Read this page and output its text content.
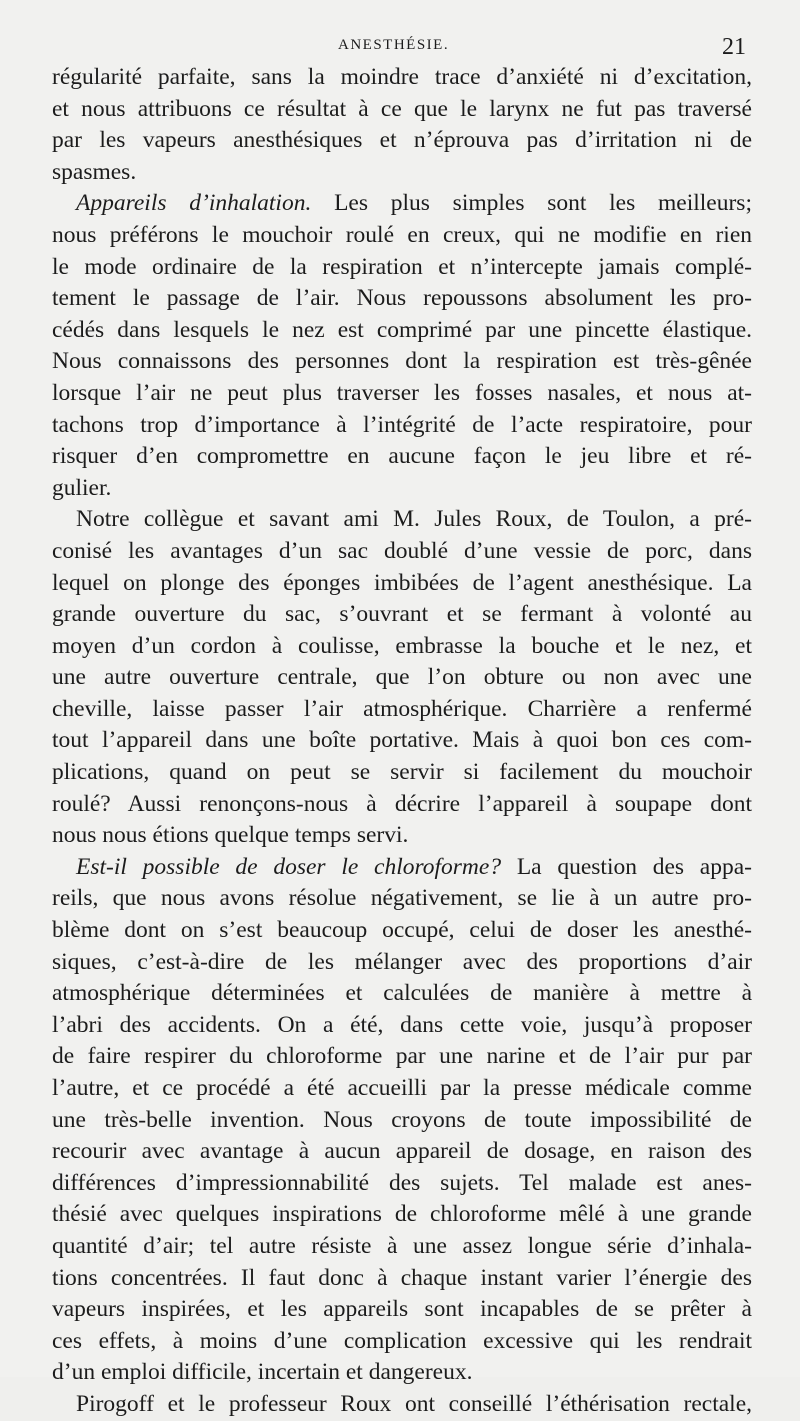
ANESTHÉSIE.	21
régularité parfaite, sans la moindre trace d’anxiété ni d’excitation,
et nous attribuons ce résultat à ce que le larynx ne fut pas traversé
par les vapeurs anesthésiques et n’éprouva pas d’irritation ni de
spasmes.
Appareils d’inhalation. Les plus simples sont les meilleurs;
nous préférons le mouchoir roulé en creux, qui ne modifie en rien
le mode ordinaire de la respiration et n’intercepte jamais complé-
tement le passage de l’air. Nous repoussons absolument les pro-
cédés dans lesquels le nez est comprimé par une pincette élastique.
Nous connaissons des personnes dont la respiration est très-gênée
lorsque l’air ne peut plus traverser les fosses nasales, et nous at-
tachons trop d’importance à l’intégrité de l’acte respiratoire, pour
risquer d’en compromettre en aucune façon le jeu libre et ré-
gulier.
Notre collègue et savant ami M. Jules Roux, de Toulon, a pré-
conisé les avantages d’un sac doublé d’une vessie de porc, dans
lequel on plonge des éponges imbibées de l’agent anesthésique. La
grande ouverture du sac, s’ouvrant et se fermant à volonté au
moyen d’un cordon à coulisse, embrasse la bouche et le nez, et
une autre ouverture centrale, que l’on obture ou non avec une
cheville, laisse passer l’air atmosphérique. Charrière a renfermé
tout l’appareil dans une boîte portative. Mais à quoi bon ces com-
plications, quand on peut se servir si facilement du mouchoir
roulé? Aussi renonçons-nous à décrire l’appareil à soupape dont
nous nous étions quelque temps servi.
Est-il possible de doser le chloroforme? La question des appa-
reils, que nous avons résolue négativement, se lie à un autre pro-
blème dont on s’est beaucoup occupé, celui de doser les anesthé-
siques, c’est-à-dire de les mélanger avec des proportions d’air
atmosphérique déterminées et calculées de manière à mettre à
l’abri des accidents. On a été, dans cette voie, jusqu’à proposer
de faire respirer du chloroforme par une narine et de l’air pur par
l’autre, et ce procédé a été accueilli par la presse médicale comme
une très-belle invention. Nous croyons de toute impossibilité de
recourir avec avantage à aucun appareil de dosage, en raison des
différences d’impressionnabilité des sujets. Tel malade est anes-
thésié avec quelques inspirations de chloroforme mêlé à une grande
quantité d’air; tel autre résiste à une assez longue série d’inhala-
tions concentrées. Il faut donc à chaque instant varier l’énergie des
vapeurs inspirées, et les appareils sont incapables de se prêter à
ces effets, à moins d’une complication excessive qui les rendrait
d’un emploi difficile, incertain et dangereux.
Pirogoff et le professeur Roux ont conseillé l’éthérisation rectale,
